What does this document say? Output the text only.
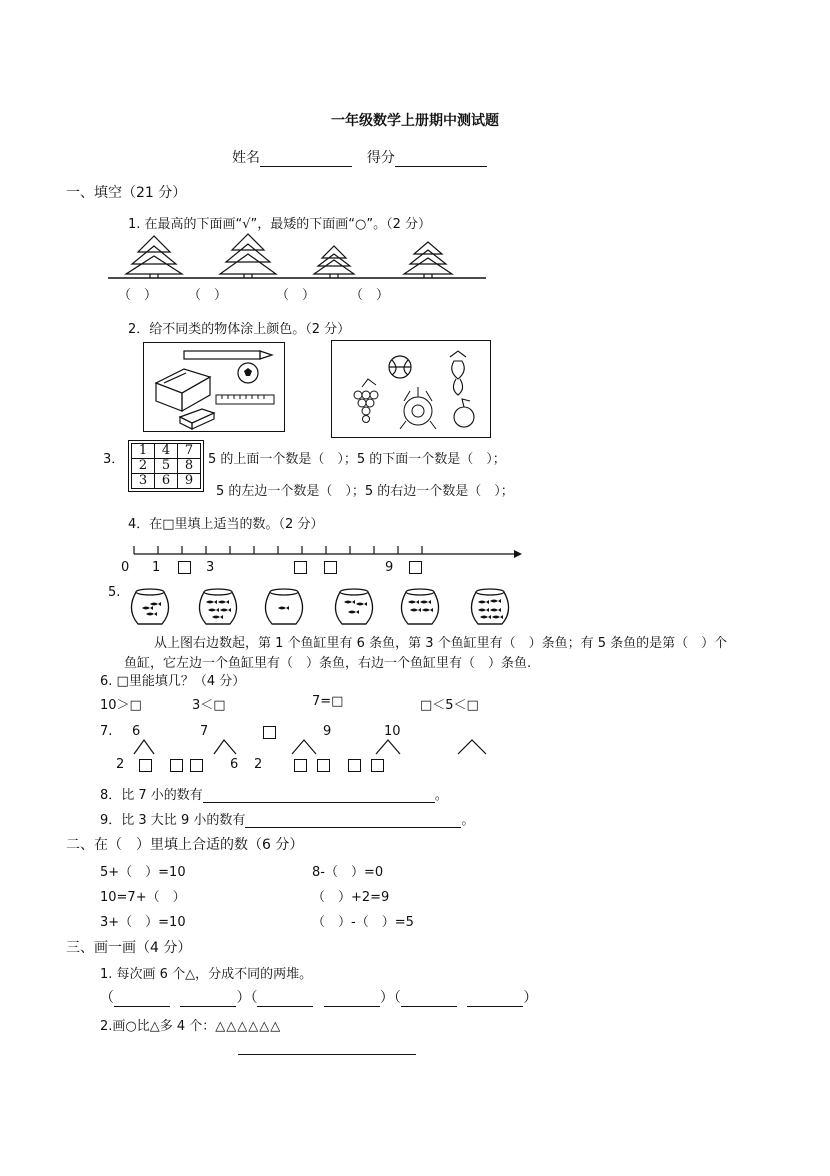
一年级数学上册期中测试题
姓名	得分
一、填空（21 分）
1. 在最高的下面画“√”，最矮的下面画“○”。（2 分）
（　） （　）	（　）	（　）
2．给不同类的物体涂上颜色。（2 分）
3．
1	4	7
2	5	8
3	6	9
5 的上面一个数是（　）；5 的下面一个数是（　）；
5 的左边一个数是（　）；5 的右边一个数是（　）；
4．在□里填上适当的数。（2 分）
0 1	3	9
5.
从上图右边数起，第 1 个鱼缸里有 6 条鱼，第 3 个鱼缸里有（　）条鱼；有 5 条鱼的是第（　）个
鱼缸，它左边一个鱼缸里有（　）条鱼，右边一个鱼缸里有（　）条鱼.
6. □里能填几？（4 分）
10＞□	3＜□	7=□	□＜5＜□
7. 6	7	9	10
2	6 2
8．比 7 小的数有	。
9．比 3 大比 9 小的数有	。
二、在（　）里填上合适的数（6 分）
5+（　）=10	8-（　）=0
10=7+（　）	（　）+2=9
3+（　）=10	（　）-（　）=5
三、画一画（4 分）
1. 每次画 6 个△，分成不同的两堆。
（	）（	）（	）
2.画○比△多 4 个：△△△△△△
